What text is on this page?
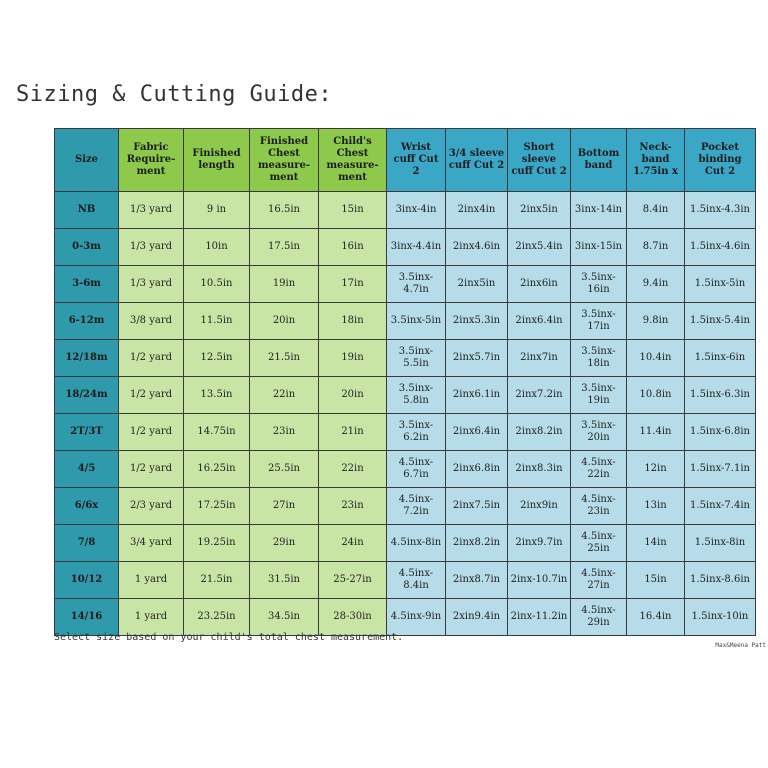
Sizing & Cutting Guide:
Size	Fabric Require-ment	Finished length	Finished Chest measure-ment	Child's Chest measure-ment	Wrist cuff Cut 2	3/4 sleeve cuff Cut 2	Short sleeve cuff Cut 2	Bottom band	Neck-band 1.75in x	Pocket binding Cut 2
NB	1/3 yard	9 in	16.5in	15in	3inx-4in	2inx4in	2inx5in	3inx-14in	8.4in	1.5inx-4.3in
0-3m	1/3 yard	10in	17.5in	16in	3inx-4.4in	2inx4.6in	2inx5.4in	3inx-15in	8.7in	1.5inx-4.6in
3-6m	1/3 yard	10.5in	19in	17in	3.5inx-4.7in	2inx5in	2inx6in	3.5inx-16in	9.4in	1.5inx-5in
6-12m	3/8 yard	11.5in	20in	18in	3.5inx-5in	2inx5.3in	2inx6.4in	3.5inx-17in	9.8in	1.5inx-5.4in
12/18m	1/2 yard	12.5in	21.5in	19in	3.5inx-5.5in	2inx5.7in	2inx7in	3.5inx-18in	10.4in	1.5inx-6in
18/24m	1/2 yard	13.5in	22in	20in	3.5inx-5.8in	2inx6.1in	2inx7.2in	3.5inx-19in	10.8in	1.5inx-6.3in
2T/3T	1/2 yard	14.75in	23in	21in	3.5inx-6.2in	2inx6.4in	2inx8.2in	3.5inx-20in	11.4in	1.5inx-6.8in
4/5	1/2 yard	16.25in	25.5in	22in	4.5inx-6.7in	2inx6.8in	2inx8.3in	4.5inx-22in	12in	1.5inx-7.1in
6/6x	2/3 yard	17.25in	27in	23in	4.5inx-7.2in	2inx7.5in	2inx9in	4.5inx-23in	13in	1.5inx-7.4in
7/8	3/4 yard	19.25in	29in	24in	4.5inx-8in	2inx8.2in	2inx9.7in	4.5inx-25in	14in	1.5inx-8in
10/12	1 yard	21.5in	31.5in	25-27in	4.5inx-8.4in	2inx8.7in	2inx-10.7in	4.5inx-27in	15in	1.5inx-8.6in
14/16	1 yard	23.25in	34.5in	28-30in	4.5inx-9in	2xin9.4in	2inx-11.2in	4.5inx-29in	16.4in	1.5inx-10in
Select size based on your child's total chest measurement.
Max&Meena Patt
